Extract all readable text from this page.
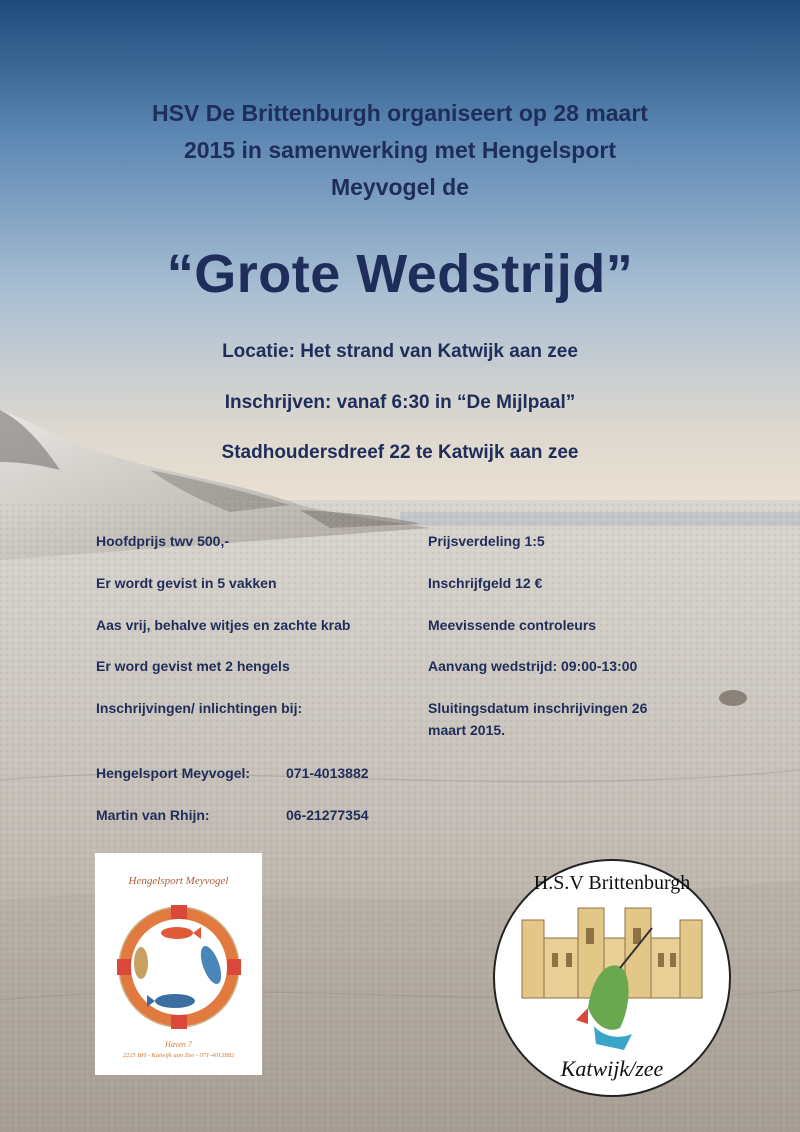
HSV De Brittenburgh organiseert op 28 maart
2015 in samenwerking met Hengelsport
Meyvogel de
“Grote Wedstrijd”
Locatie: Het strand van Katwijk aan zee
Inschrijven: vanaf 6:30 in “De Mijlpaal”
Stadhoudersdreef 22 te Katwijk aan zee
Hoofdprijs twv 500,-
Er wordt gevist in 5 vakken
Aas vrij, behalve witjes en zachte krab
Er word gevist met 2 hengels
Inschrijvingen/ inlichtingen bij:
Prijsverdeling 1:5
Inschrijfgeld 12 €
Meevissende controleurs
Aanvang wedstrijd: 09:00-13:00
Sluitingsdatum inschrijvingen 26
maart 2015.
Hengelsport Meyvogel:	071-4013882
Martin van Rhijn:	06-21277354
Hengelsport Meyvogel
Haven 7
2225 BH - Katwijk aan Zee - 071-4013882
H.S.V Brittenburgh
Katwijk/zee
